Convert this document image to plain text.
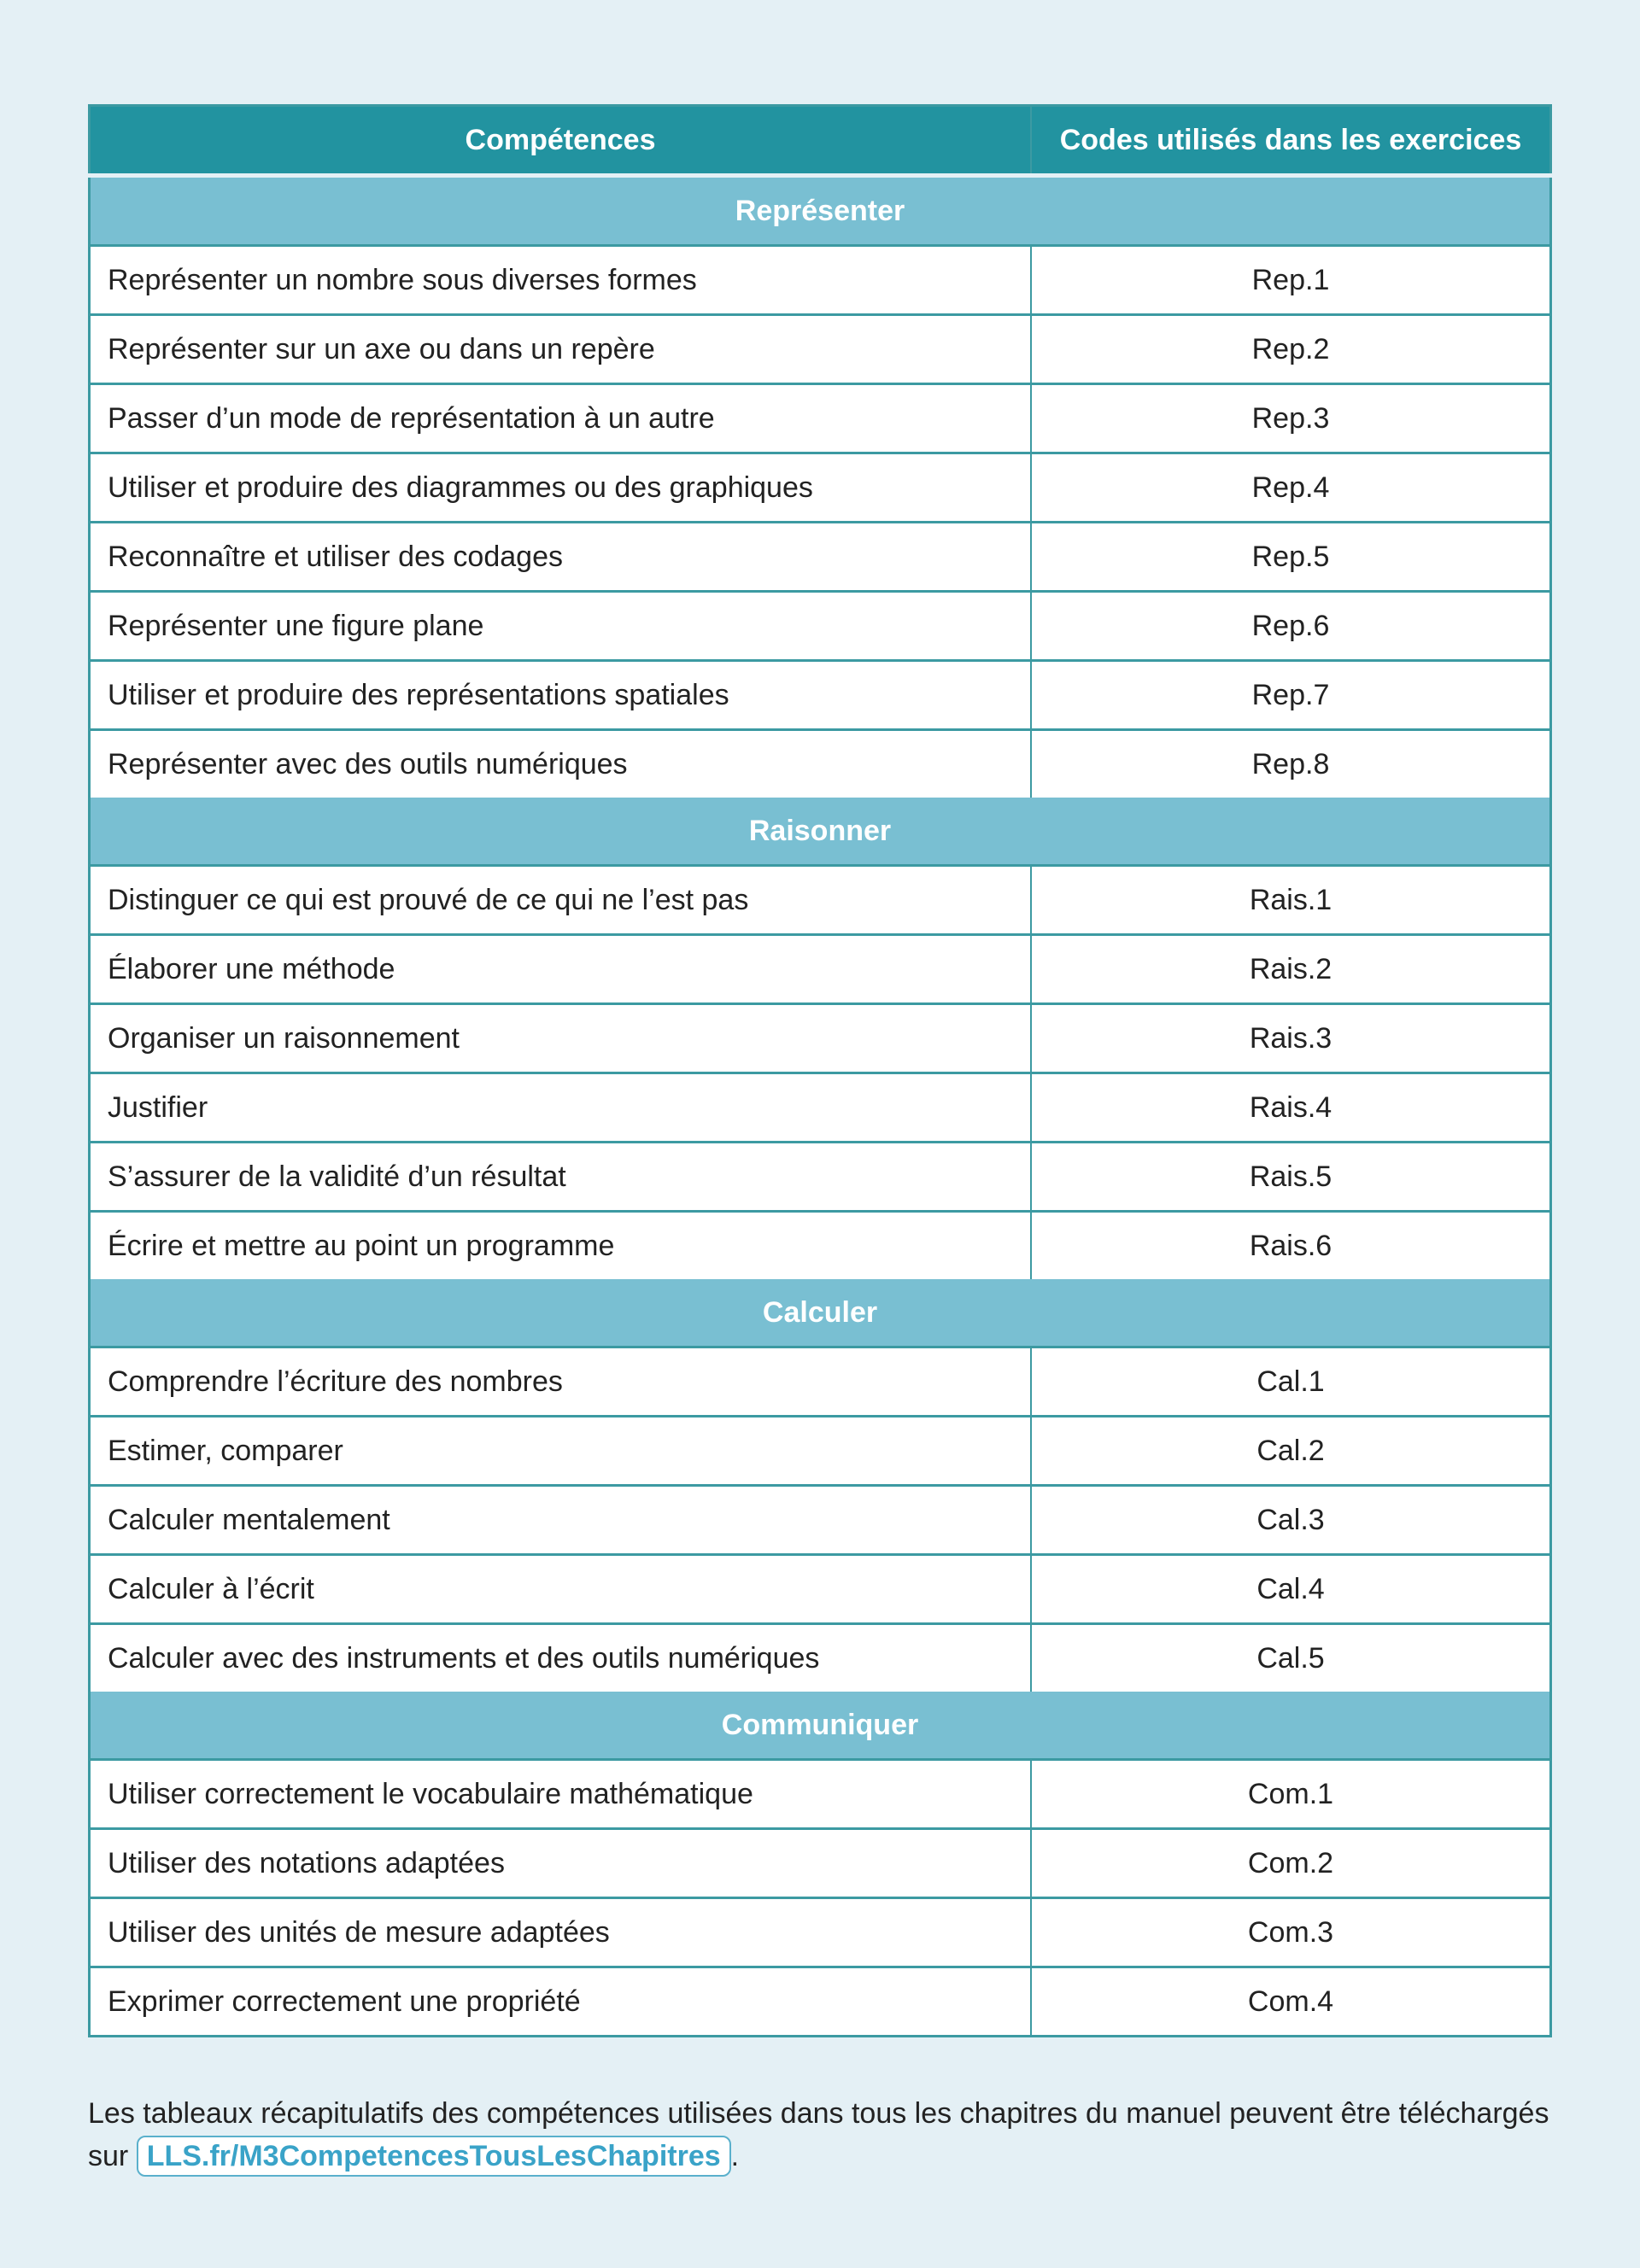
Compétences	Codes utilisés dans les exercices
Représenter	
Représenter un nombre sous diverses formes	Rep.1
Représenter sur un axe ou dans un repère	Rep.2
Passer d’un mode de représentation à un autre	Rep.3
Utiliser et produire des diagrammes ou des graphiques	Rep.4
Reconnaître et utiliser des codages	Rep.5
Représenter une figure plane	Rep.6
Utiliser et produire des représentations spatiales	Rep.7
Représenter avec des outils numériques	Rep.8
Raisonner	
Distinguer ce qui est prouvé de ce qui ne l’est pas	Rais.1
Élaborer une méthode	Rais.2
Organiser un raisonnement	Rais.3
Justifier	Rais.4
S’assurer de la validité d’un résultat	Rais.5
Écrire et mettre au point un programme	Rais.6
Calculer	
Comprendre l’écriture des nombres	Cal.1
Estimer, comparer	Cal.2
Calculer mentalement	Cal.3
Calculer à l’écrit	Cal.4
Calculer avec des instruments et des outils numériques	Cal.5
Communiquer	
Utiliser correctement le vocabulaire mathématique	Com.1
Utiliser des notations adaptées	Com.2
Utiliser des unités de mesure adaptées	Com.3
Exprimer correctement une propriété	Com.4
Les tableaux récapitulatifs des compétences utilisées dans tous les chapitres du manuel peuvent être téléchargés sur LLS.fr/M3CompetencesTousLesChapitres .
